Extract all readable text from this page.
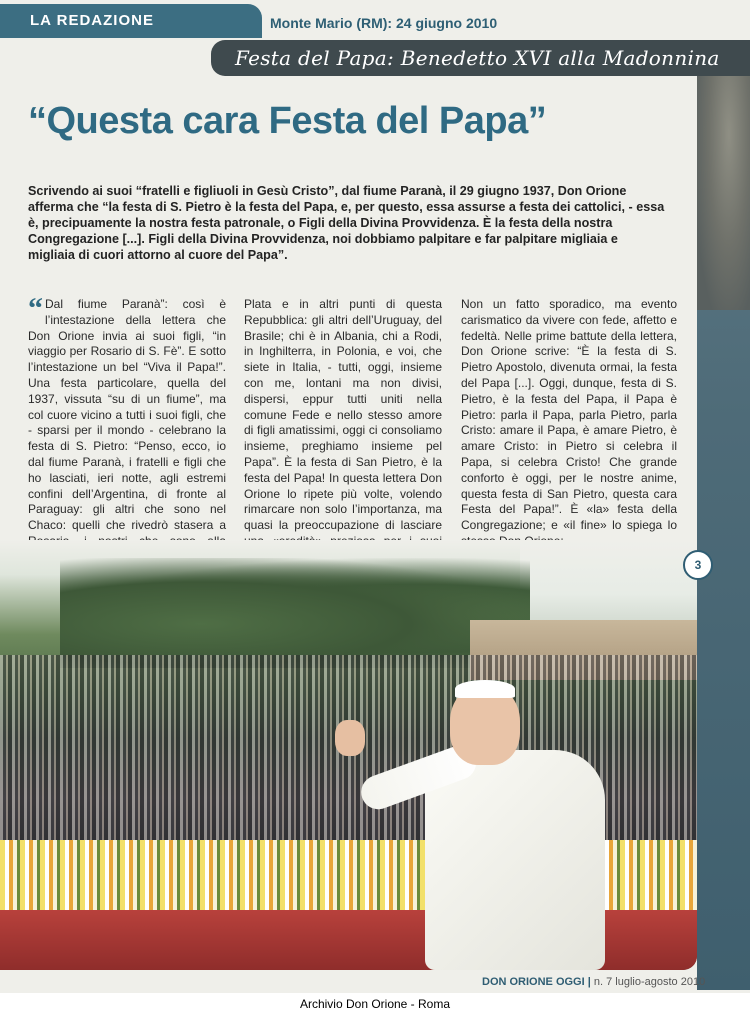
LA REDAZIONE	Monte Mario (RM): 24 giugno 2010
Festa del Papa: Benedetto XVI alla Madonnina
“Questa cara Festa del Papa”

Scrivendo ai suoi “fratelli e figliuoli in Gesù Cristo”, dal fiume Paranà, il 29 giugno 1937, Don Orione afferma che “la festa di S. Pietro è la festa del Papa, e, per questo, essa assurse a festa dei cattolici, - essa è, precipuamente la nostra festa patronale, o Figli della Divina Provvidenza. È la festa della nostra Congregazione [...]. Figli della Divina Provvidenza, noi dobbiamo palpitare e far palpitare migliaia e migliaia di cuori attorno al cuore del Papa”.

“ Dal fiume Paranà”: così è l’intestazione della lettera che Don Orione invia ai suoi figli, “in viaggio per Rosario di S. Fè”. E sotto l’intestazione un bel “Viva il Papa!”. Una festa particolare, quella del 1937, vissuta “su di un fiume”, ma col cuore vicino a tutti i suoi figli, che - sparsi per il mondo - celebrano la festa di S. Pietro: “Penso, ecco, io dal fiume Paranà, i fratelli e figli che ho lasciati, ieri notte, agli estremi confini dell’Argentina, di fronte al Paraguay: gli altri che sono nel Chaco: quelli che rivedrò stasera a

Plata e in altri punti di questa Repubblica: gli altri dell’Uruguay, del Brasile; chi è in Albania, chi a Rodi, in Inghilterra, in Polonia, e voi, che siete in Italia, - tutti, oggi, insieme con me, lontani ma non divisi, dispersi, eppur tutti uniti nella comune Fede e nello stesso amore di figli amatissimi, oggi ci consoliamo insieme, preghiamo insieme pel Papa”. È la festa di San Pietro, è la festa del Papa! In questa lettera Don Orione lo ripete più volte, volendo rimarcare non solo l’importanza, ma quasi la preoccupazione di lasciare

Non un fatto sporadico, ma evento carismatico da vivere con fede, affetto e fedeltà. Nelle prime battute della lettera, Don Orione scrive: “È la festa di S. Pietro Apostolo, divenuta ormai, la festa del Papa [...]. Oggi, dunque, festa di S. Pietro, è la festa del Papa, il Papa è Pietro: parla il Papa, parla Pietro, parla Cristo: amare il Papa, è amare Pietro, è amare Cristo: in Pietro si celebra il Papa, si celebra Cristo! Che grande conforto è oggi, per le nostre anime, questa festa di San Pietro, questa cara Festa del Papa!”. È «la» festa della Congregazione; e «il fine» lo spiega lo

3
DON ORIONE OGGI | n. 7 luglio-agosto 2010
Archivio Don Orione - Roma
